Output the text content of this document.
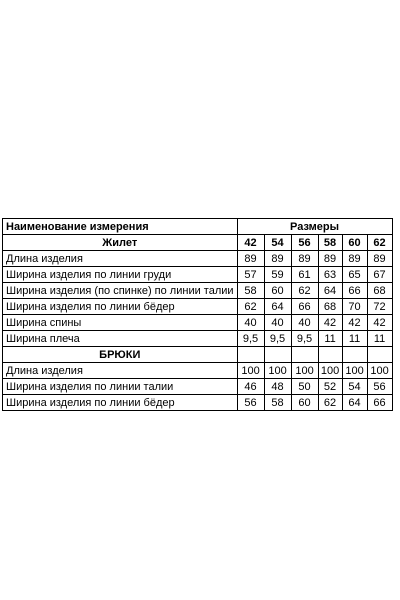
Наименование измерения	Размеры					
Жилет	42	54	56	58	60	62
Длина изделия	89	89	89	89	89	89
Ширина изделия по линии груди	57	59	61	63	65	67
Ширина изделия (по спинке) по линии талии	58	60	62	64	66	68
Ширина изделия по линии бёдер	62	64	66	68	70	72
Ширина спины	40	40	40	42	42	42
Ширина плеча	9,5	9,5	9,5	11	11	11
БРЮКИ						
Длина изделия	100	100	100	100	100	100
Ширина изделия по линии талии	46	48	50	52	54	56
Ширина изделия по линии бёдер	56	58	60	62	64	66
